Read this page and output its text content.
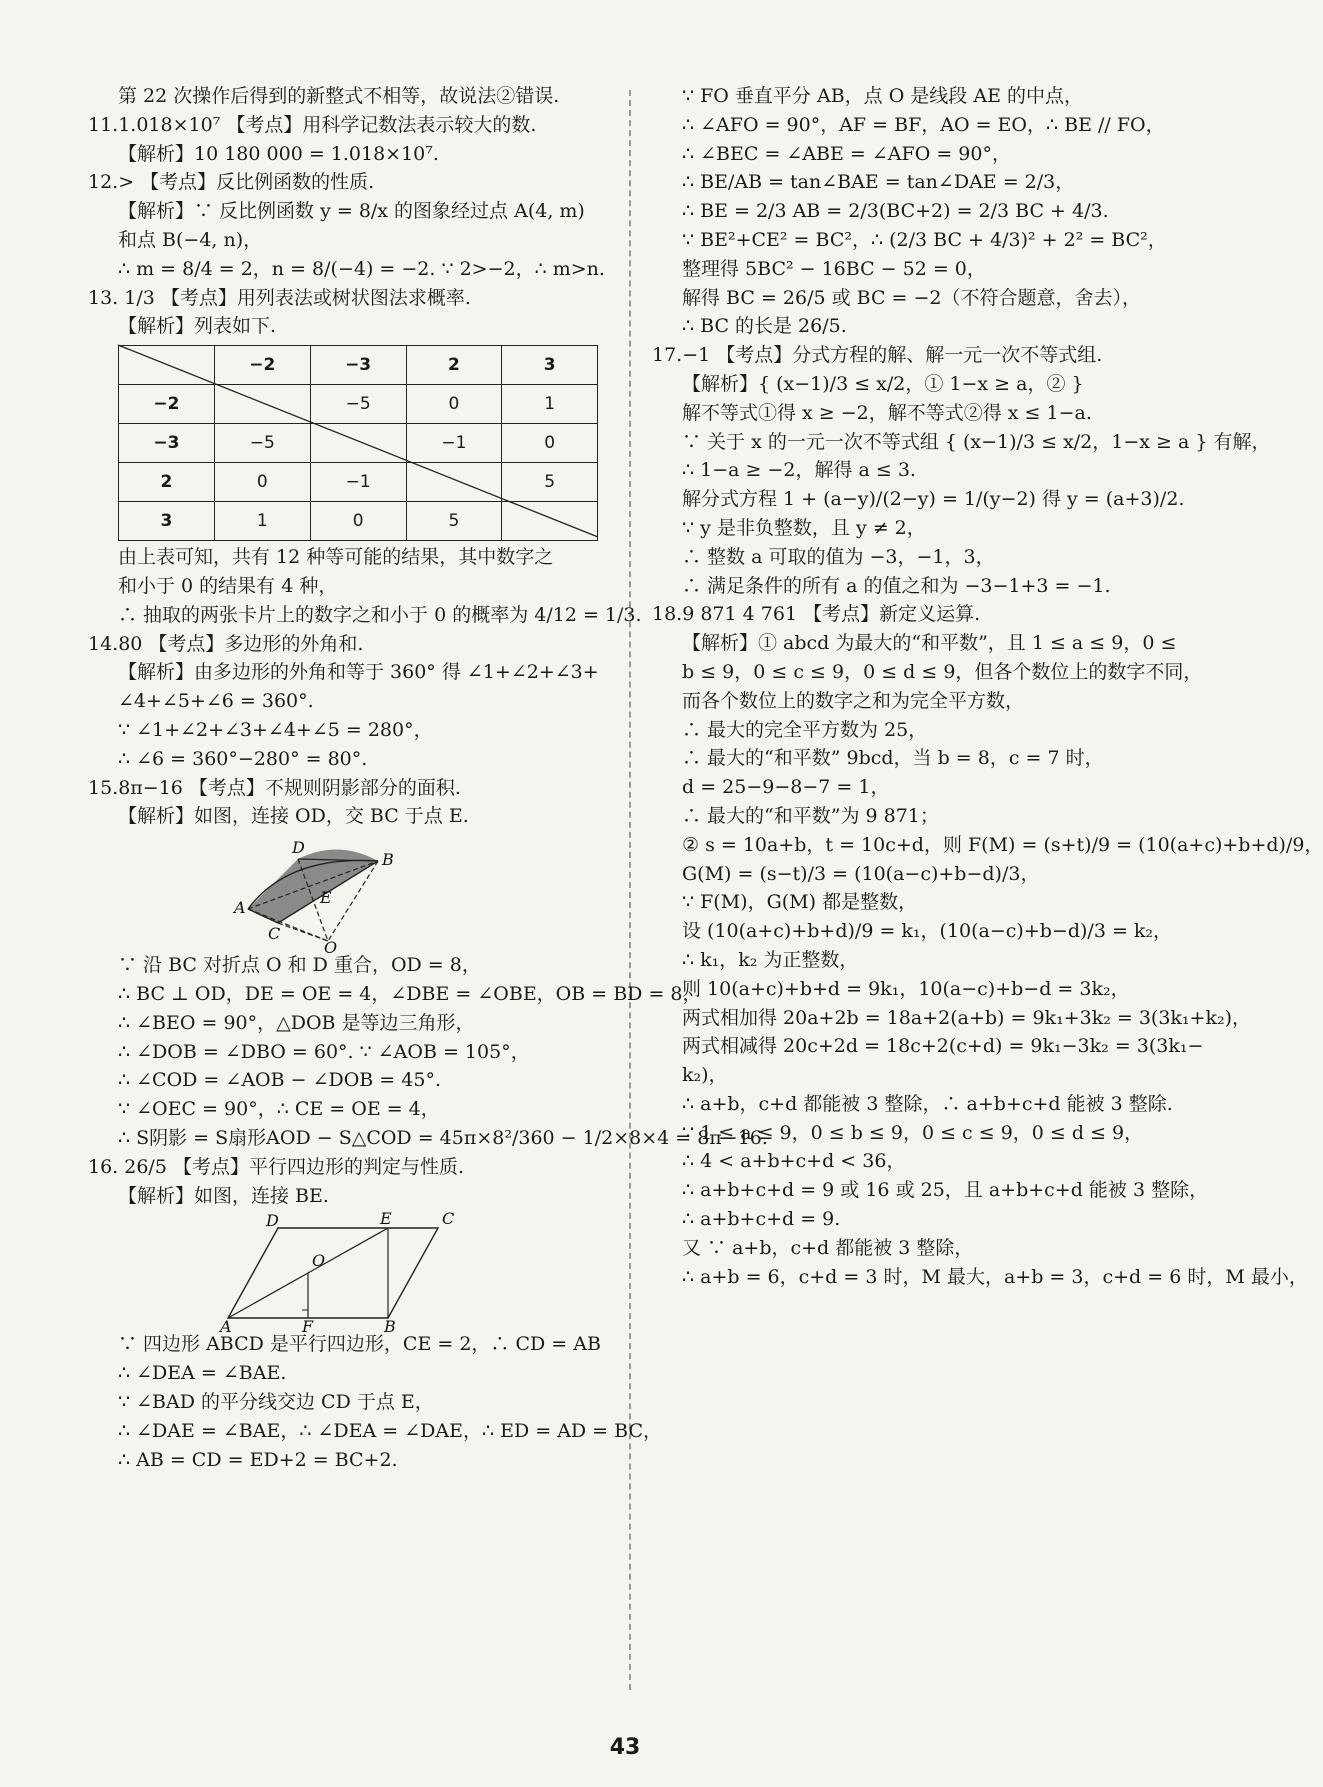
第 22 次操作后得到的新整式不相等，故说法②错误.
11.1.018×10⁷ 【考点】用科学记数法表示较大的数.
【解析】10 180 000 = 1.018×10⁷.
12.> 【考点】反比例函数的性质.
【解析】∵ 反比例函数 y = 8/x 的图象经过点 A(4, m)
和点 B(−4, n)，
∴ m = 8/4 = 2，n = 8/(−4) = −2. ∵ 2>−2，∴ m>n.
13. 1/3 【考点】用列表法或树状图法求概率.
【解析】列表如下.
	−2	−3	2	3
−2		−5	0	1
−3	−5		−1	0
2	0	−1		5
3	1	0	5	
由上表可知，共有 12 种等可能的结果，其中数字之
和小于 0 的结果有 4 种，
∴ 抽取的两张卡片上的数字之和小于 0 的概率为 4/12 = 1/3.
14.80 【考点】多边形的外角和.
【解析】由多边形的外角和等于 360° 得 ∠1+∠2+∠3+
∠4+∠5+∠6 = 360°.
∵ ∠1+∠2+∠3+∠4+∠5 = 280°，
∴ ∠6 = 360°−280° = 80°.
15.8π−16 【考点】不规则阴影部分的面积.
【解析】如图，连接 OD，交 BC 于点 E.
D
B
A
C
E
O
∵ 沿 BC 对折点 O 和 D 重合，OD = 8，
∴ BC ⊥ OD，DE = OE = 4，∠DBE = ∠OBE，OB = BD = 8，
∴ ∠BEO = 90°，△DOB 是等边三角形，
∴ ∠DOB = ∠DBO = 60°. ∵ ∠AOB = 105°，
∴ ∠COD = ∠AOB − ∠DOB = 45°.
∵ ∠OEC = 90°，∴ CE = OE = 4，
∴ S阴影 = S扇形AOD − S△COD = 45π×8²/360 − 1/2×8×4 = 8π−16.
16. 26/5 【考点】平行四边形的判定与性质.
【解析】如图，连接 BE.
D	E	C
O
A	F	B
∵ 四边形 ABCD 是平行四边形，CE = 2，∴ CD = AB
∴ ∠DEA = ∠BAE.
∵ ∠BAD 的平分线交边 CD 于点 E，
∴ ∠DAE = ∠BAE，∴ ∠DEA = ∠DAE，∴ ED = AD = BC，
∴ AB = CD = ED+2 = BC+2.
∵ FO 垂直平分 AB，点 O 是线段 AE 的中点，
∴ ∠AFO = 90°，AF = BF，AO = EO，∴ BE // FO，
∴ ∠BEC = ∠ABE = ∠AFO = 90°，
∴ BE/AB = tan∠BAE = tan∠DAE = 2/3，
∴ BE = 2/3 AB = 2/3(BC+2) = 2/3 BC + 4/3.
∵ BE²+CE² = BC²，∴ (2/3 BC + 4/3)² + 2² = BC²，
整理得 5BC² − 16BC − 52 = 0，
解得 BC = 26/5 或 BC = −2（不符合题意，舍去），
∴ BC 的长是 26/5.
17.−1 【考点】分式方程的解、解一元一次不等式组.
【解析】{ (x−1)/3 ≤ x/2，① 1−x ≥ a，② }
解不等式①得 x ≥ −2，解不等式②得 x ≤ 1−a.
∵ 关于 x 的一元一次不等式组 { (x−1)/3 ≤ x/2，1−x ≥ a } 有解，
∴ 1−a ≥ −2，解得 a ≤ 3.
解分式方程 1 + (a−y)/(2−y) = 1/(y−2) 得 y = (a+3)/2.
∵ y 是非负整数，且 y ≠ 2，
∴ 整数 a 可取的值为 −3，−1，3，
∴ 满足条件的所有 a 的值之和为 −3−1+3 = −1.
18.9 871 4 761 【考点】新定义运算.
【解析】① abcd 为最大的“和平数”，且 1 ≤ a ≤ 9，0 ≤
b ≤ 9，0 ≤ c ≤ 9，0 ≤ d ≤ 9，但各个数位上的数字不同，
而各个数位上的数字之和为完全平方数，
∴ 最大的完全平方数为 25，
∴ 最大的“和平数” 9bcd，当 b = 8，c = 7 时，
d = 25−9−8−7 = 1，
∴ 最大的“和平数”为 9 871；
② s = 10a+b，t = 10c+d，则 F(M) = (s+t)/9 = (10(a+c)+b+d)/9，
G(M) = (s−t)/3 = (10(a−c)+b−d)/3，
∵ F(M)，G(M) 都是整数，
设 (10(a+c)+b+d)/9 = k₁，(10(a−c)+b−d)/3 = k₂，
∴ k₁，k₂ 为正整数，
则 10(a+c)+b+d = 9k₁，10(a−c)+b−d = 3k₂，
两式相加得 20a+2b = 18a+2(a+b) = 9k₁+3k₂ = 3(3k₁+k₂)，
两式相减得 20c+2d = 18c+2(c+d) = 9k₁−3k₂ = 3(3k₁−
k₂)，
∴ a+b，c+d 都能被 3 整除，∴ a+b+c+d 能被 3 整除.
∵ 1 ≤ a ≤ 9，0 ≤ b ≤ 9，0 ≤ c ≤ 9，0 ≤ d ≤ 9，
∴ 4 < a+b+c+d < 36，
∴ a+b+c+d = 9 或 16 或 25，且 a+b+c+d 能被 3 整除，
∴ a+b+c+d = 9.
又 ∵ a+b，c+d 都能被 3 整除，
∴ a+b = 6，c+d = 3 时，M 最大，a+b = 3，c+d = 6 时，M 最小，
43
